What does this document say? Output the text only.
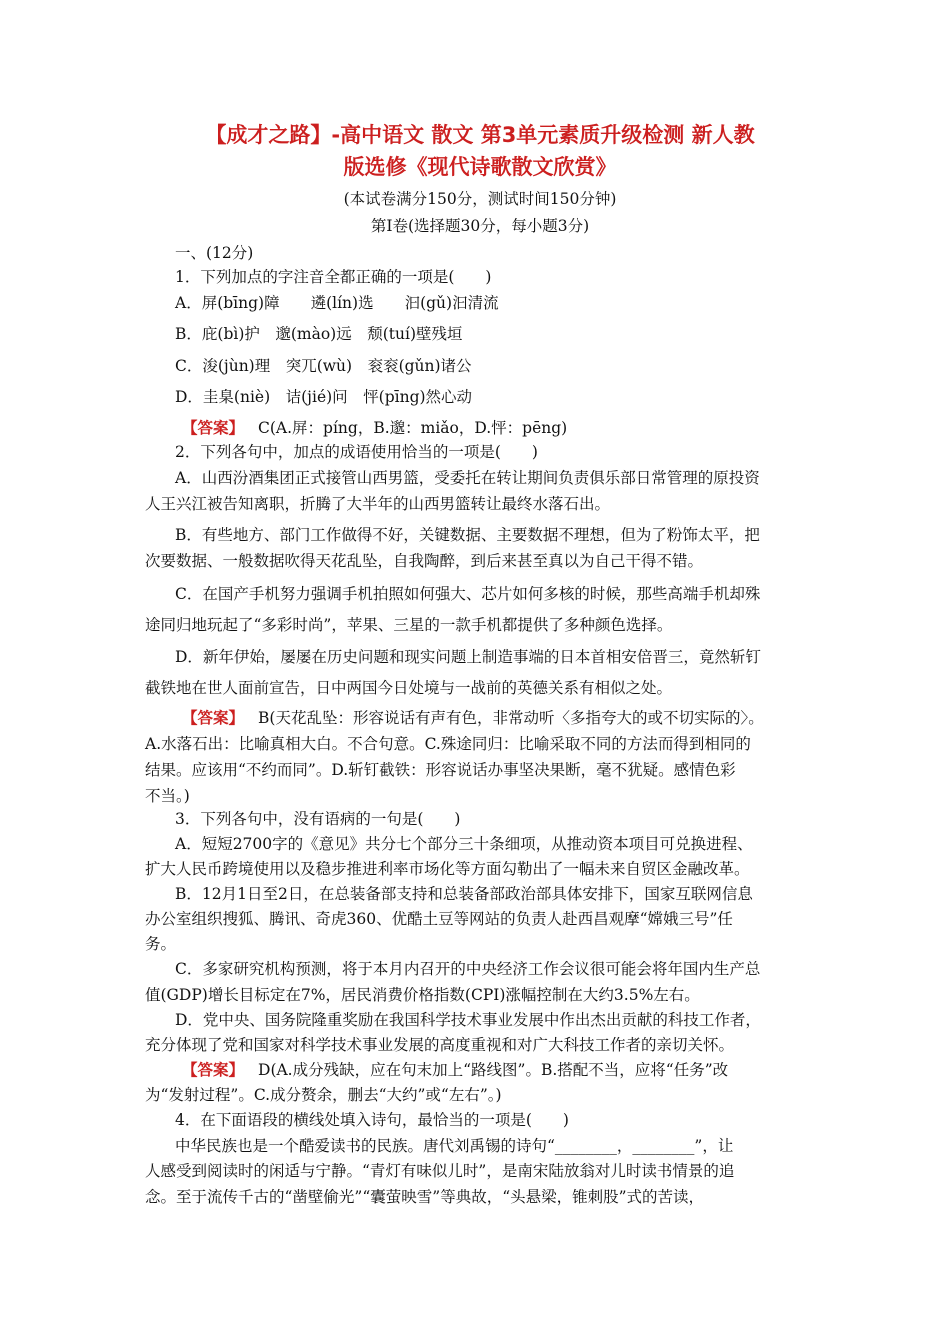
【成才之路】-高中语文 散文 第3单元素质升级检测 新人教
版选修《现代诗歌散文欣赏》
(本试卷满分150分，测试时间150分钟)
第Ⅰ卷(选择题30分，每小题3分)
一、(12分)
1．下列加点的字注音全都正确的一项是(　　)
A．屏(bīng)障　　遴(lín)选　　汩(gǔ)汩清流
B．庇(bì)护　邈(mào)远　颓(tuí)壁残垣
C．浚(jùn)理　突兀(wù)　衮衮(gǔn)诸公
D．圭臬(niè)　诘(jié)问　怦(pīng)然心动
【答案】 C(A.屏：píng，B.邈：miǎo，D.怦：pēng)
2．下列各句中，加点的成语使用恰当的一项是(　　)
A．山西汾酒集团正式接管山西男篮，受委托在转让期间负责俱乐部日常管理的原投资
人王兴江被告知离职，折腾了大半年的山西男篮转让最终水落石出。
B．有些地方、部门工作做得不好，关键数据、主要数据不理想，但为了粉饰太平，把
次要数据、一般数据吹得天花乱坠，自我陶醉，到后来甚至真以为自己干得不错。
C．在国产手机努力强调手机拍照如何强大、芯片如何多核的时候，那些高端手机却殊
途同归地玩起了“多彩时尚”，苹果、三星的一款手机都提供了多种颜色选择。
D．新年伊始，屡屡在历史问题和现实问题上制造事端的日本首相安倍晋三，竟然斩钉
截铁地在世人面前宣告，日中两国今日处境与一战前的英德关系有相似之处。
【答案】 B(天花乱坠：形容说话有声有色，非常动听〈多指夸大的或不切实际的〉。
A.水落石出：比喻真相大白。不合句意。C.殊途同归：比喻采取不同的方法而得到相同的
结果。应该用“不约而同”。D.斩钉截铁：形容说话办事坚决果断，毫不犹疑。感情色彩
不当。)
3．下列各句中，没有语病的一句是(　　)
A．短短2700字的《意见》共分七个部分三十条细项，从推动资本项目可兑换进程、
扩大人民币跨境使用以及稳步推进利率市场化等方面勾勒出了一幅未来自贸区金融改革。
B．12月1日至2日，在总装备部支持和总装备部政治部具体安排下，国家互联网信息
办公室组织搜狐、腾讯、奇虎360、优酷土豆等网站的负责人赴西昌观摩“嫦娥三号”任
务。
C．多家研究机构预测，将于本月内召开的中央经济工作会议很可能会将年国内生产总
值(GDP)增长目标定在7%，居民消费价格指数(CPI)涨幅控制在大约3.5%左右。
D．党中央、国务院隆重奖励在我国科学技术事业发展中作出杰出贡献的科技工作者，
充分体现了党和国家对科学技术事业发展的高度重视和对广大科技工作者的亲切关怀。
【答案】 D(A.成分残缺，应在句末加上“路线图”。B.搭配不当，应将“任务”改
为“发射过程”。C.成分赘余，删去“大约”或“左右”。)
4．在下面语段的横线处填入诗句，最恰当的一项是(　　)
中华民族也是一个酷爱读书的民族。唐代刘禹锡的诗句“________，________”，让
人感受到阅读时的闲适与宁静。“青灯有味似儿时”，是南宋陆放翁对儿时读书情景的追
念。至于流传千古的“凿壁偷光”“囊萤映雪”等典故，“头悬梁，锥刺股”式的苦读，
